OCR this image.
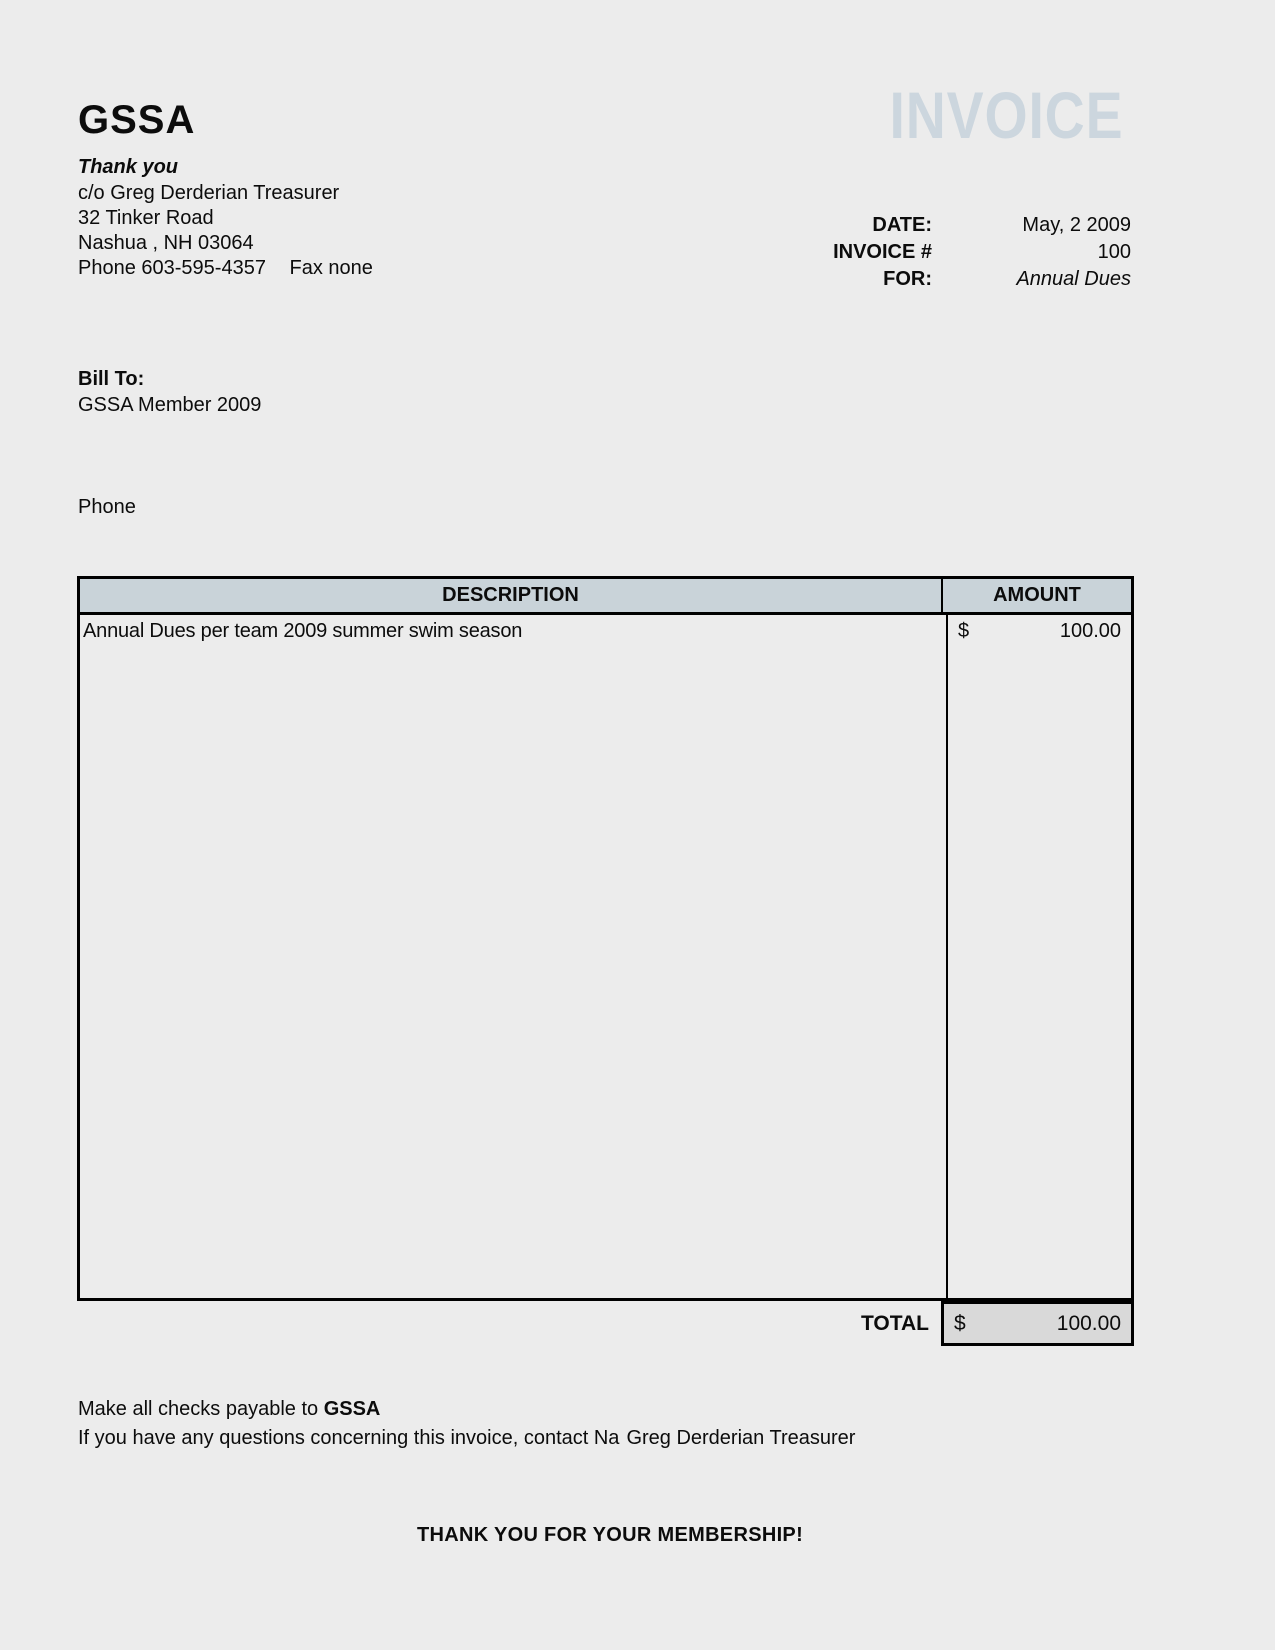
GSSA
Thank you
c/o Greg Derderian Treasurer
32 Tinker Road
Nashua , NH 03064
Phone 603-595-4357 Fax none
INVOICE
DATE:	May, 2 2009
INVOICE #	100
FOR:	Annual Dues
Bill To:
GSSA Member 2009
Phone
DESCRIPTION	AMOUNT
Annual Dues per team 2009 summer swim season	$	100.00
TOTAL	$	100.00
Make all checks payable to GSSA
If you have any questions concerning this invoice, contact Na Greg Derderian Treasurer
THANK YOU FOR YOUR MEMBERSHIP!
